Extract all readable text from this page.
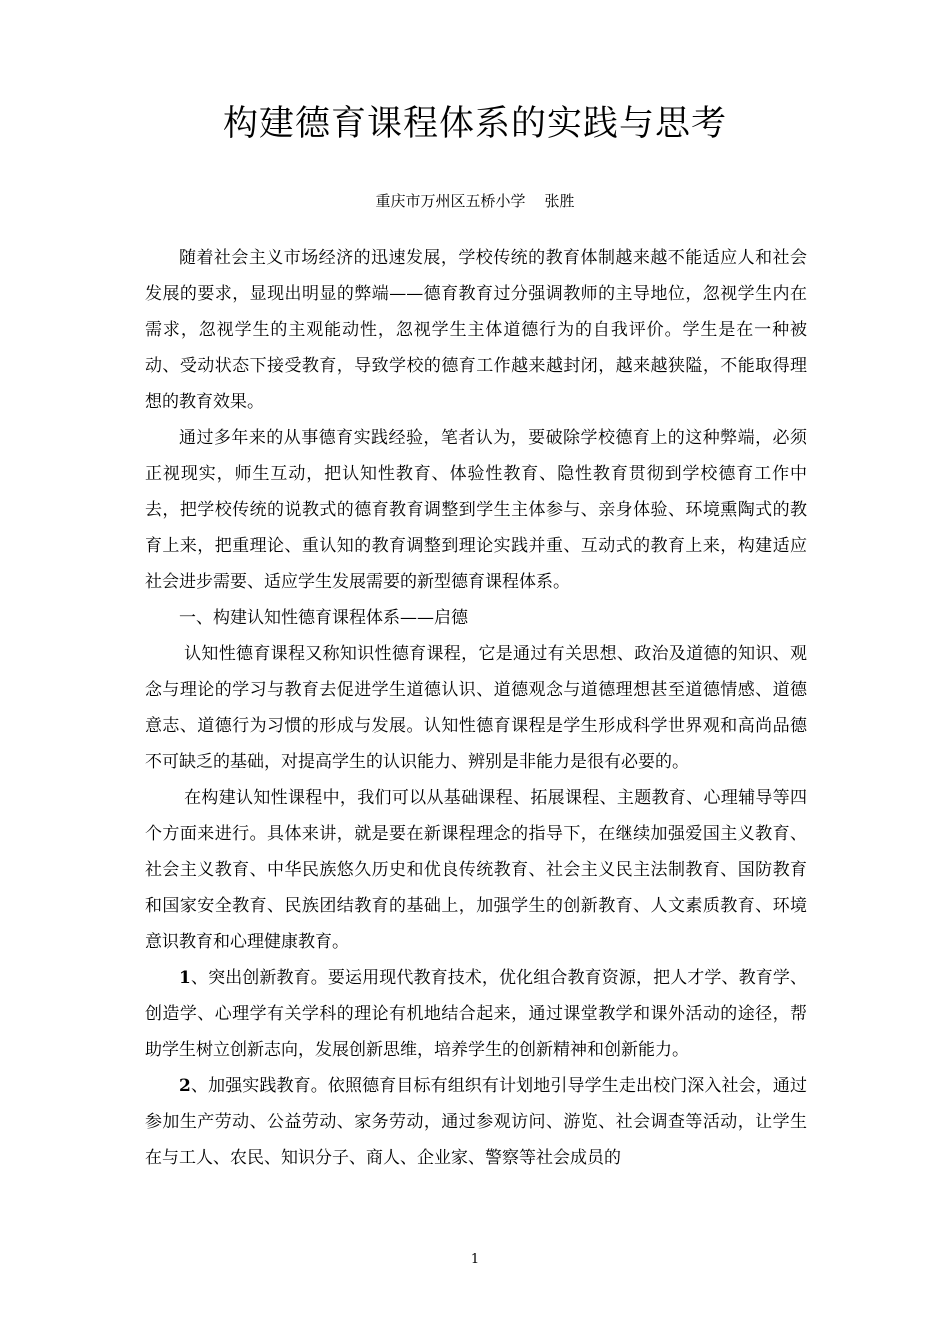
构建德育课程体系的实践与思考
重庆市万州区五桥小学    张胜

随着社会主义市场经济的迅速发展，学校传统的教育体制越来越不能适应人和社会发展的要求，显现出明显的弊端——德育教育过分强调教师的主导地位，忽视学生内在需求，忽视学生的主观能动性，忽视学生主体道德行为的自我评价。学生是在一种被动、受动状态下接受教育，导致学校的德育工作越来越封闭，越来越狭隘，不能取得理想的教育效果。

通过多年来的从事德育实践经验，笔者认为，要破除学校德育上的这种弊端，必须正视现实，师生互动，把认知性教育、体验性教育、隐性教育贯彻到学校德育工作中去，把学校传统的说教式的德育教育调整到学生主体参与、亲身体验、环境熏陶式的教育上来，把重理论、重认知的教育调整到理论实践并重、互动式的教育上来，构建适应社会进步需要、适应学生发展需要的新型德育课程体系。

一、构建认知性德育课程体系——启德

认知性德育课程又称知识性德育课程，它是通过有关思想、政治及道德的知识、观念与理论的学习与教育去促进学生道德认识、道德观念与道德理想甚至道德情感、道德意志、道德行为习惯的形成与发展。认知性德育课程是学生形成科学世界观和高尚品德不可缺乏的基础，对提高学生的认识能力、辨别是非能力是很有必要的。

在构建认知性课程中，我们可以从基础课程、拓展课程、主题教育、心理辅导等四个方面来进行。具体来讲，就是要在新课程理念的指导下，在继续加强爱国主义教育、社会主义教育、中华民族悠久历史和优良传统教育、社会主义民主法制教育、国防教育和国家安全教育、民族团结教育的基础上，加强学生的创新教育、人文素质教育、环境意识教育和心理健康教育。

1、突出创新教育。要运用现代教育技术，优化组合教育资源，把人才学、教育学、创造学、心理学有关学科的理论有机地结合起来，通过课堂教学和课外活动的途径，帮助学生树立创新志向，发展创新思维，培养学生的创新精神和创新能力。

2、加强实践教育。依照德育目标有组织有计划地引导学生走出校门深入社会，通过参加生产劳动、公益劳动、家务劳动，通过参观访问、游览、社会调查等活动，让学生在与工人、农民、知识分子、商人、企业家、警察等社会成员的

1
